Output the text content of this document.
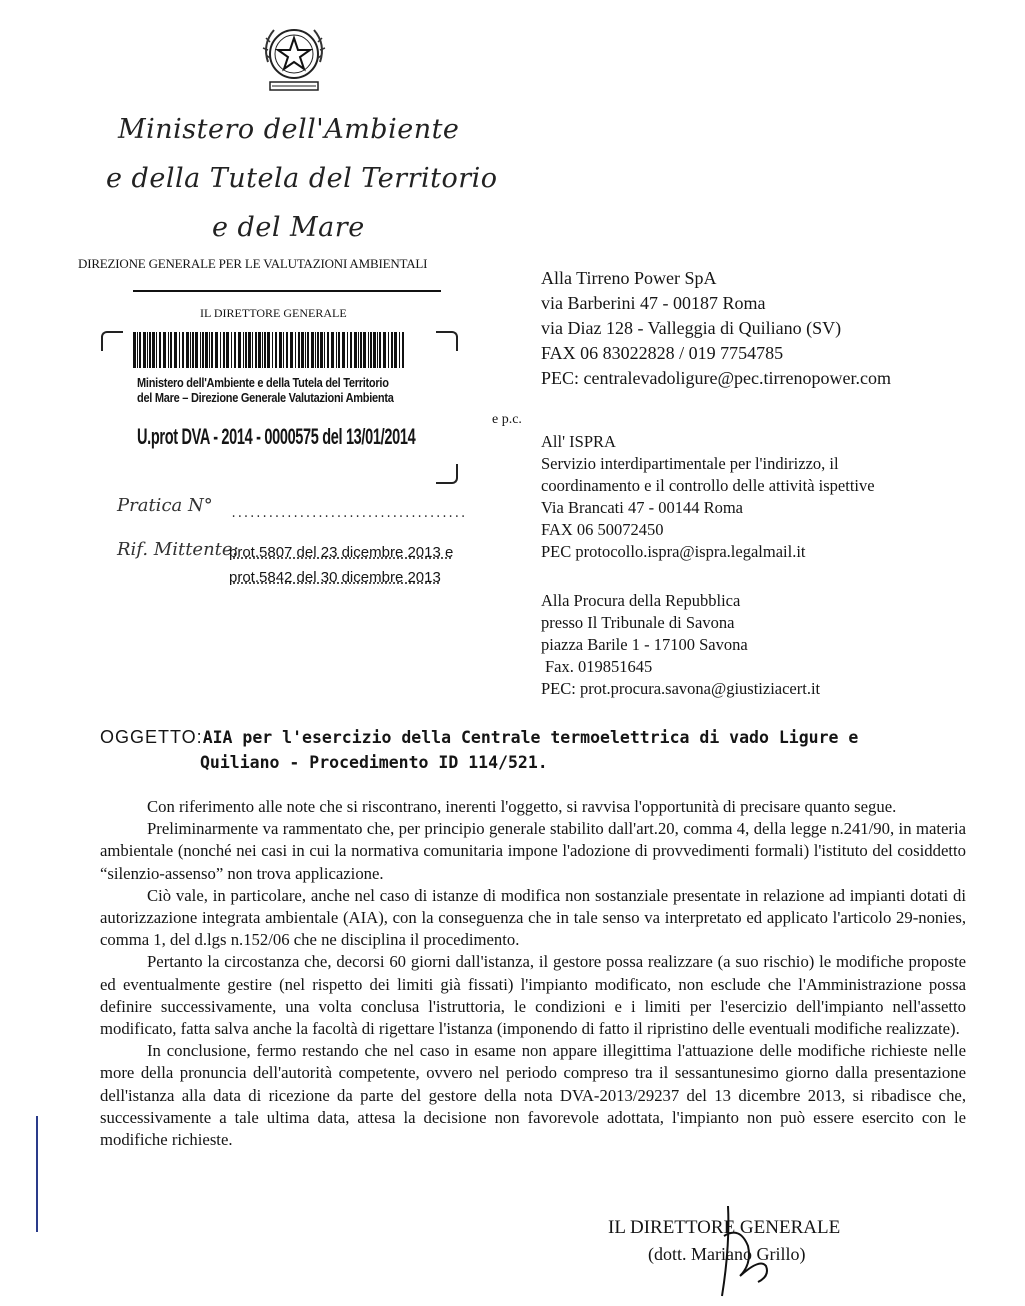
Ministero dell'Ambiente
e della Tutela del Territorio
e del Mare
DIREZIONE GENERALE PER LE VALUTAZIONI AMBIENTALI
IL DIRETTORE GENERALE
Ministero dell'Ambiente e della Tutela del Territorio
del Mare – Direzione Generale Valutazioni Ambienta
U.prot DVA - 2014 - 0000575 del 13/01/2014
Pratica N° ......................................
Rif. Mittente:
prot.5807 del 23 dicembre 2013 e
prot.5842 del 30 dicembre 2013
e p.c.
Alla Tirreno Power SpA
via Barberini 47 - 00187 Roma
via Diaz 128 - Valleggia di Quiliano (SV)
FAX 06 83022828 / 019 7754785
PEC: centralevadoligure@pec.tirrenopower.com
All' ISPRA
Servizio interdipartimentale per l'indirizzo, il
coordinamento e il controllo delle attività ispettive
Via Brancati 47 - 00144 Roma
FAX 06 50072450
PEC protocollo.ispra@ispra.legalmail.it
Alla Procura della Repubblica
presso Il Tribunale di Savona
piazza Barile 1 - 17100 Savona
Fax. 019851645
PEC: prot.procura.savona@giustiziacert.it
OGGETTO:AIA per l'esercizio della Centrale termoelettrica di vado Ligure e
Quiliano - Procedimento ID 114/521.

Con riferimento alle note che si riscontrano, inerenti l'oggetto, si ravvisa l'opportunità di precisare quanto segue.

Preliminarmente va rammentato che, per principio generale stabilito dall'art.20, comma 4, della legge n.241/90, in materia ambientale (nonché nei casi in cui la normativa comunitaria impone l'adozione di provvedimenti formali) l'istituto del cosiddetto “silenzio-assenso” non trova applicazione.

Ciò vale, in particolare, anche nel caso di istanze di modifica non sostanziale presentate in relazione ad impianti dotati di autorizzazione integrata ambientale (AIA), con la conseguenza che in tale senso va interpretato ed applicato l'articolo 29-nonies, comma 1, del d.lgs n.152/06 che ne disciplina il procedimento.

Pertanto la circostanza che, decorsi 60 giorni dall'istanza, il gestore possa realizzare (a suo rischio) le modifiche proposte ed eventualmente gestire (nel rispetto dei limiti già fissati) l'impianto modificato, non esclude che l'Amministrazione possa definire successivamente, una volta conclusa l'istruttoria, le condizioni e i limiti per l'esercizio dell'impianto nell'assetto modificato, fatta salva anche la facoltà di rigettare l'istanza (imponendo di fatto il ripristino delle eventuali modifiche realizzate).

In conclusione, fermo restando che nel caso in esame non appare illegittima l'attuazione delle modifiche richieste nelle more della pronuncia dell'autorità competente, ovvero nel periodo compreso tra il sessantunesimo giorno dalla presentazione dell'istanza alla data di ricezione da parte del gestore della nota DVA-2013/29237 del 13 dicembre 2013, si ribadisce che, successivamente a tale ultima data, attesa la decisione non favorevole adottata, l'impianto non può essere esercito con le modifiche richieste.

IL DIRETTORE GENERALE
(dott. Mariano Grillo)
